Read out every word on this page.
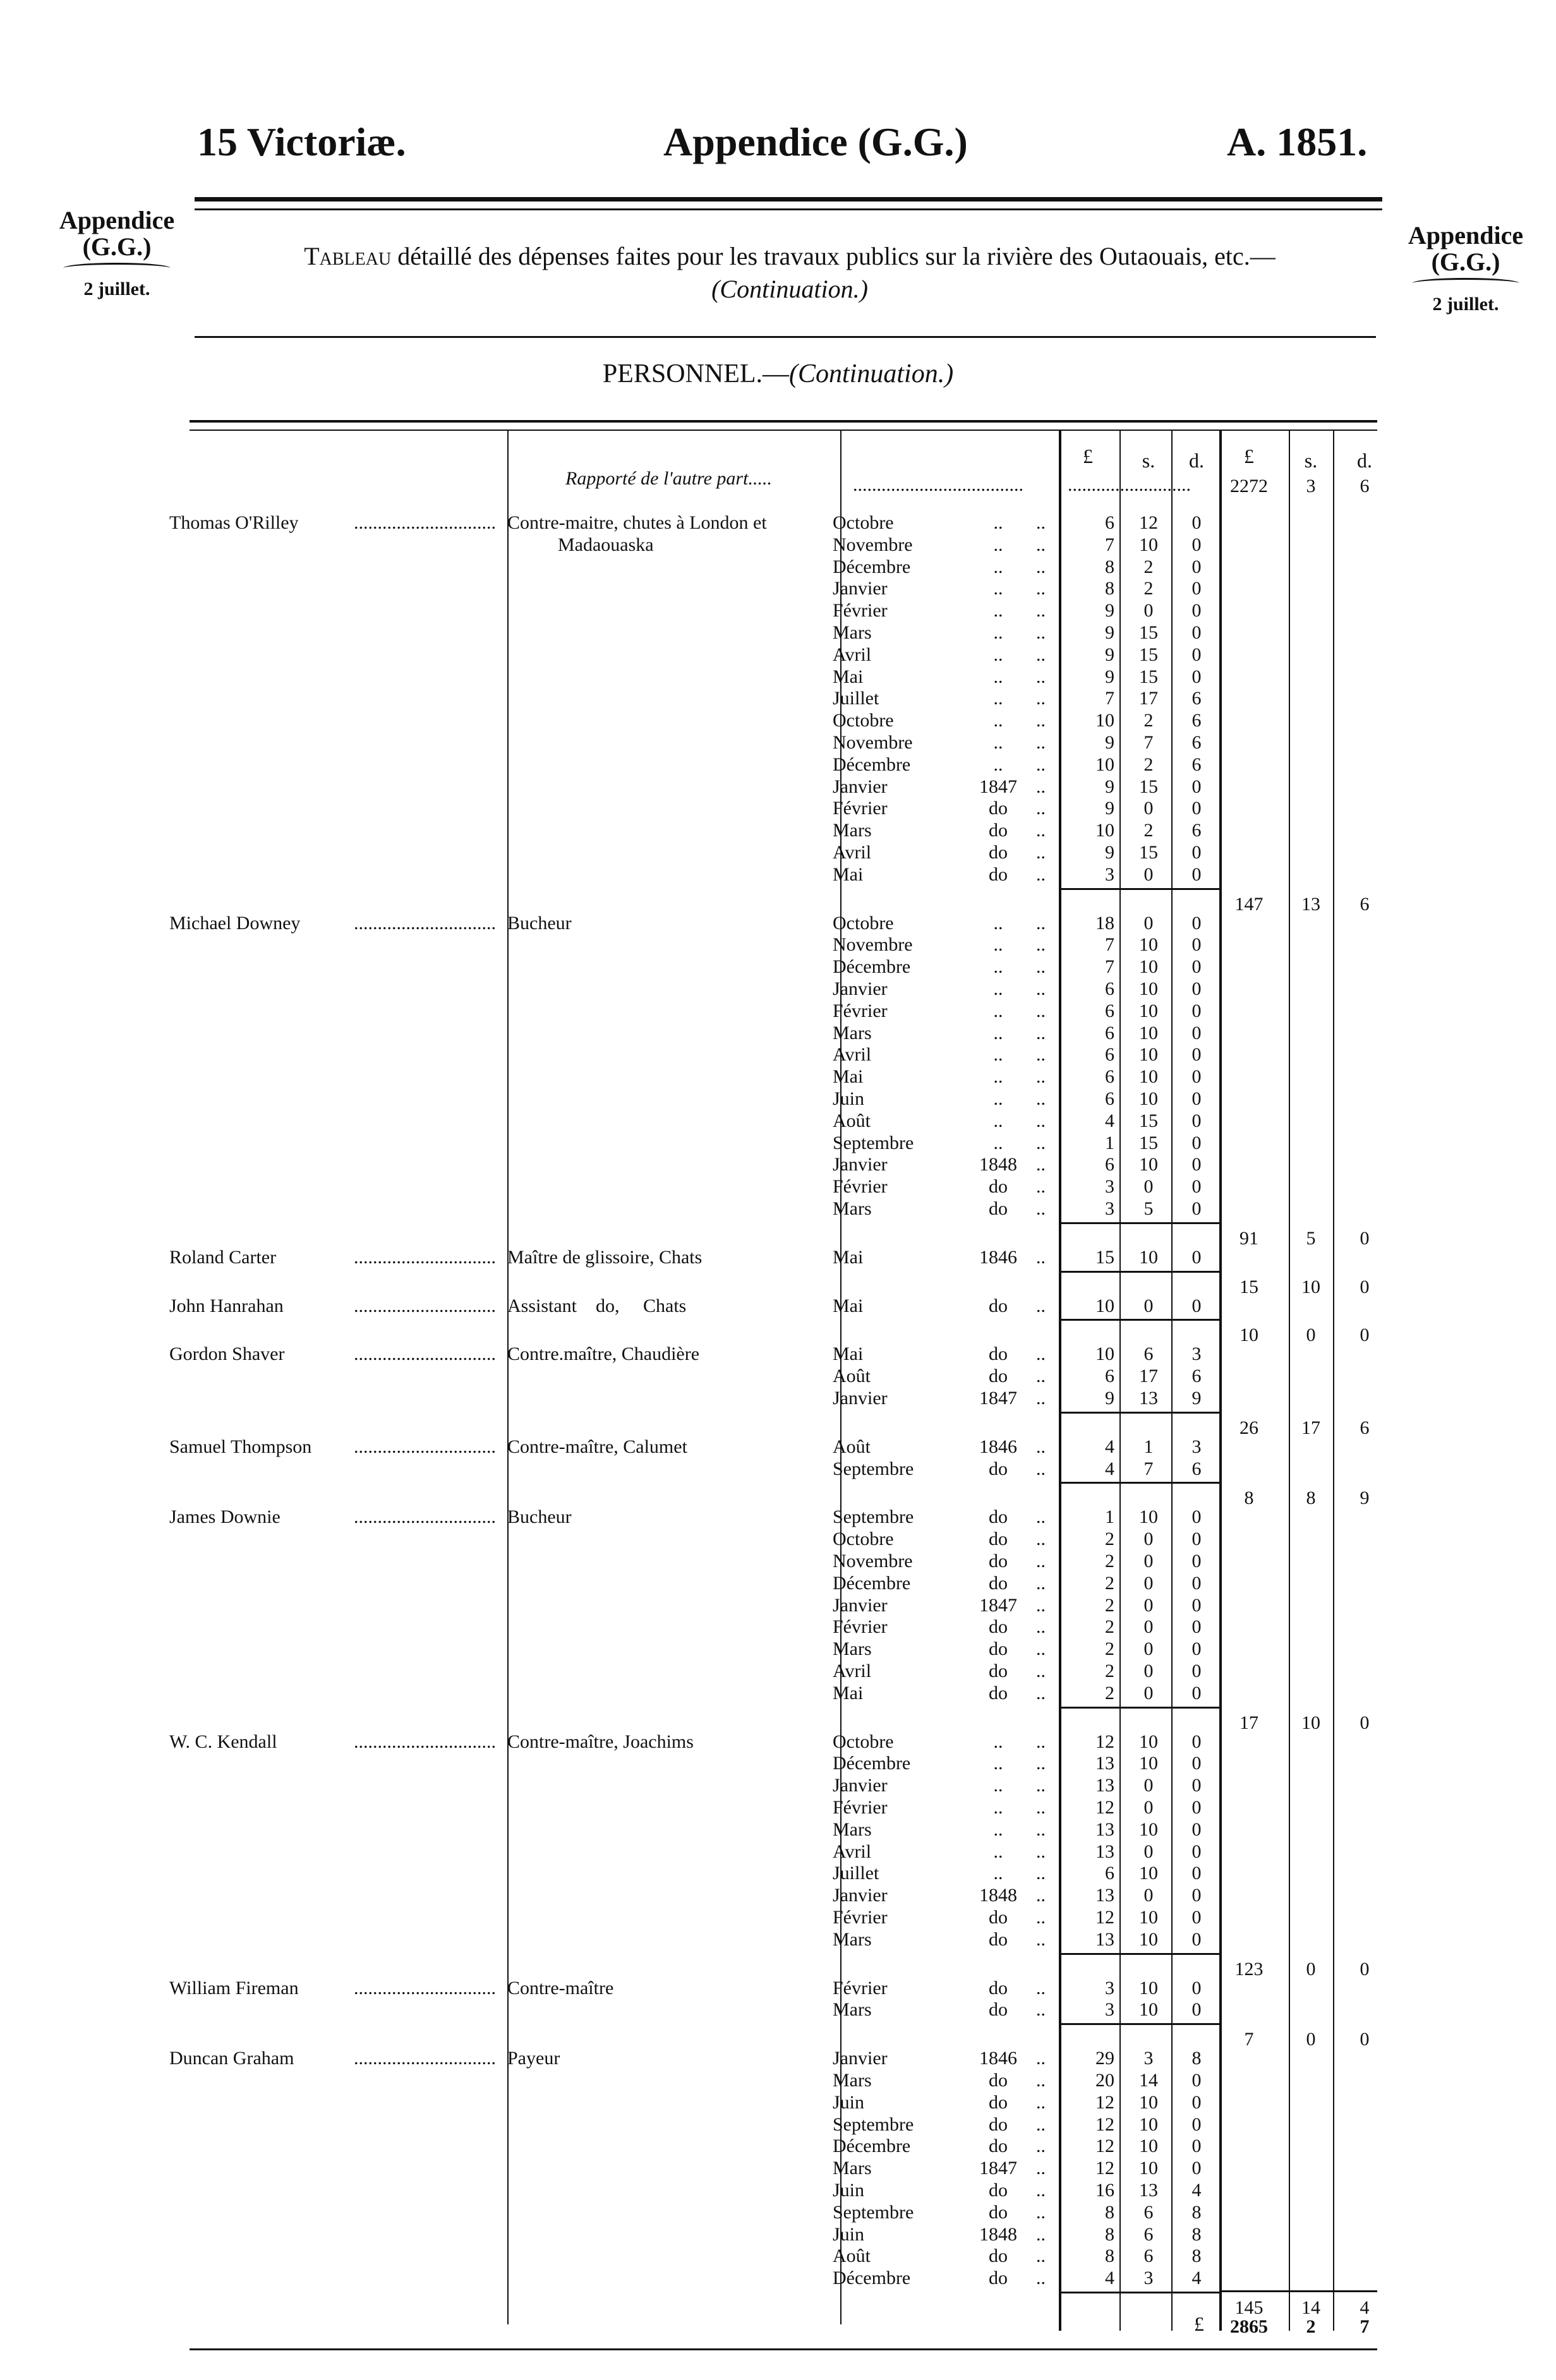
15 Victoriæ.	Appendice (G.G.)	A. 1851.
Appendice
(G.G.)
2 juillet.
Appendice
(G.G.)
2 juillet.
Tableau détaillé des dépenses faites pour les travaux publics sur la rivière des Outaouais, etc.—
(Continuation.)
PERSONNEL.—(Continuation.)
£	s.	d.	£	s.	d.
Rapporté de l'autre part.....	....................................	..........................	2272	3	6
Thomas O'Rilley	.............................. Contre-maitre, chutes à London et
Madaouaska
Octobre	..	..	6	12	0
Novembre	..	..	7	10	0
Décembre	..	..	8	2	0
Janvier	..	..	8	2	0
Février	..	..	9	0	0
Mars	..	..	9	15	0
Avril	..	..	9	15	0
Mai	..	..	9	15	0
Juillet	..	..	7	17	6
Octobre	..	..	10	2	6
Novembre	..	..	9	7	6
Décembre	..	..	10	2	6
Janvier	1847	..	9	15	0
Février	do	..	9	0	0
Mars	do	..	10	2	6
Avril	do	..	9	15	0
Mai	do	..	3	0	0
147	13	6
Michael Downey	.............................. Bucheur	Octobre	..	..	18	0	0
Novembre	..	..	7	10	0
Décembre	..	..	7	10	0
Janvier	..	..	6	10	0
Février	..	..	6	10	0
Mars	..	..	6	10	0
Avril	..	..	6	10	0
Mai	..	..	6	10	0
Juin	..	..	6	10	0
Août	..	..	4	15	0
Septembre	..	..	1	15	0
Janvier	1848	..	6	10	0
Février	do	..	3	0	0
Mars	do	..	3	5	0
91	5	0
Roland Carter	.............................. Maître de glissoire, Chats	Mai	1846	..	15	10	0
15	10	0
John Hanrahan	.............................. Assistant    do,     Chats	Mai	do	..	10	0	0
10	0	0
Gordon Shaver	.............................. Contre.maître, Chaudière	Mai	do	..	10	6	3
Août	do	..	6	17	6
Janvier	1847	..	9	13	9
26	17	6
Samuel Thompson	.............................. Contre-maître, Calumet	Août	1846	..	4	1	3
Septembre	do	..	4	7	6
8	8	9
James Downie	.............................. Bucheur	Septembre	do	..	1	10	0
Octobre	do	..	2	0	0
Novembre	do	..	2	0	0
Décembre	do	..	2	0	0
Janvier	1847	..	2	0	0
Février	do	..	2	0	0
Mars	do	..	2	0	0
Avril	do	..	2	0	0
Mai	do	..	2	0	0
17	10	0
W. C. Kendall	.............................. Contre-maître, Joachims	Octobre	..	..	12	10	0
Décembre	..	..	13	10	0
Janvier	..	..	13	0	0
Février	..	..	12	0	0
Mars	..	..	13	10	0
Avril	..	..	13	0	0
Juillet	..	..	6	10	0
Janvier	1848	..	13	0	0
Février	do	..	12	10	0
Mars	do	..	13	10	0
123	0	0
William Fireman	.............................. Contre-maître	Février	do	..	3	10	0
Mars	do	..	3	10	0
7	0	0
Duncan Graham	.............................. Payeur	Janvier	1846	..	29	3	8
Mars	do	..	20	14	0
Juin	do	..	12	10	0
Septembre	do	..	12	10	0
Décembre	do	..	12	10	0
Mars	1847	..	12	10	0
Juin	do	..	16	13	4
Septembre	do	..	8	6	8
Juin	1848	..	8	6	8
Août	do	..	8	6	8
Décembre	do	..	4	3	4
145	14	4
£	2865	2	7
